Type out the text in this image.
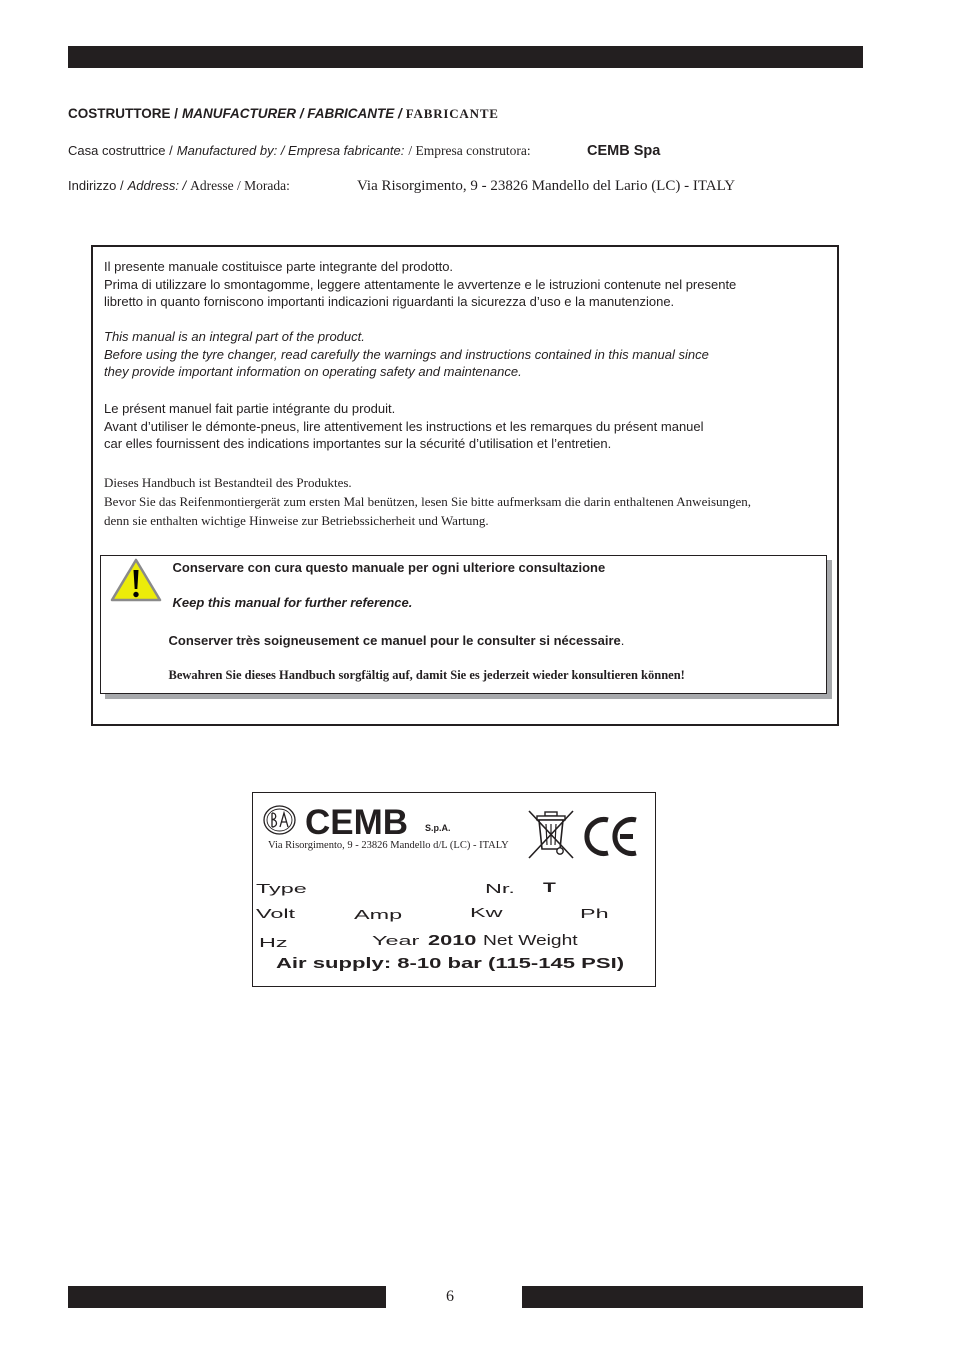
COSTRUTTORE / MANUFACTURER / FABRICANTE / FABRICANTE
Casa costruttrice / Manufactured by: / Empresa fabricante: / Empresa construtora:	CEMB Spa
Indirizzo / Address: / Adresse / Morada:	Via Risorgimento, 9 - 23826 Mandello del Lario (LC) - ITALY
Il presente manuale costituisce parte integrante del prodotto.
Prima di utilizzare lo smontagomme, leggere attentamente le avvertenze e le istruzioni contenute nel presente
libretto in quanto forniscono importanti indicazioni riguardanti la sicurezza d’uso e la manutenzione.
This manual is an integral part of the product.
Before using the tyre changer, read carefully the warnings and instructions contained in this manual since
they provide important information on operating safety and maintenance.
Le présent manuel fait partie intégrante du produit.
Avant d’utiliser le démonte-pneus, lire attentivement les instructions et les remarques du présent manuel
car elles fournissent des indications importantes sur la sécurité d’utilisation et l’entretien.
Dieses Handbuch ist Bestandteil des Produktes.
Bevor Sie das Reifenmontiergerät zum ersten Mal benützen, lesen Sie bitte aufmerksam die darin enthaltenen Anweisungen,
denn sie enthalten wichtige Hinweise zur Betriebssicherheit und Wartung.
Conservare con cura questo manuale per ogni ulteriore consultazione
Keep this manual for further reference.
Conserver très soigneusement ce manuel pour le consulter si nécessaire.
Bewahren Sie dieses Handbuch sorgfältig auf, damit Sie es jederzeit wieder konsultieren können!
CEMB S.p.A.
Via Risorgimento, 9 - 23826 Mandello d/L (LC) - ITALY
Type	Nr. T
Volt	Amp	Kw	Ph
Hz	Year 2010 Net Weight
Air supply: 8-10 bar (115-145 PSI)
6
